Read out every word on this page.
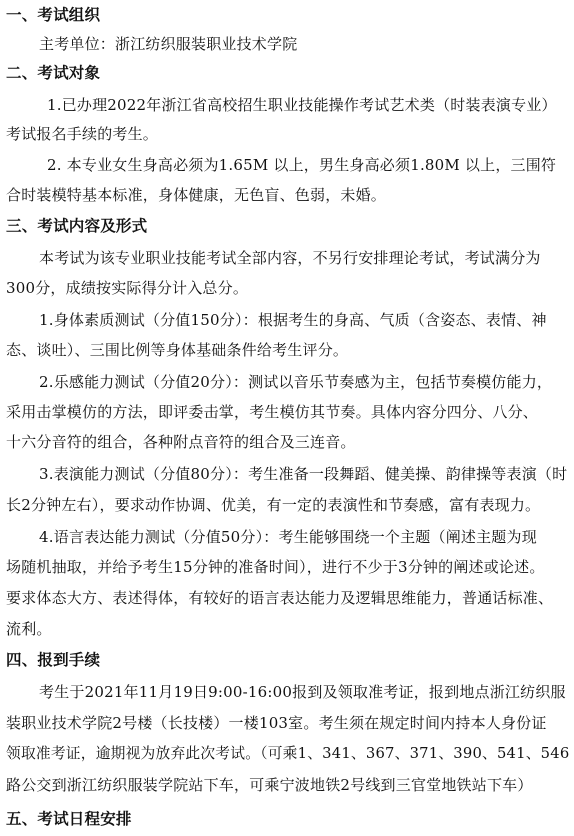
一、考试组织
主考单位：浙江纺织服装职业技术学院
二、考试对象
1.已办理2022年浙江省高校招生职业技能操作考试艺术类（时装表演专业）
考试报名手续的考生。
2. 本专业女生身高必须为1.65M 以上，男生身高必须1.80M 以上，三围符
合时装模特基本标准，身体健康，无色盲、色弱，未婚。
三、考试内容及形式
本考试为该专业职业技能考试全部内容，不另行安排理论考试，考试满分为
300分，成绩按实际得分计入总分。
1.身体素质测试（分值150分）：根据考生的身高、气质（含姿态、表情、神
态、谈吐）、三围比例等身体基础条件给考生评分。
2.乐感能力测试（分值20分）：测试以音乐节奏感为主，包括节奏模仿能力，
采用击掌模仿的方法，即评委击掌，考生模仿其节奏。具体内容分四分、八分、
十六分音符的组合，各种附点音符的组合及三连音。
3.表演能力测试（分值80分）：考生准备一段舞蹈、健美操、韵律操等表演（时
长2分钟左右），要求动作协调、优美，有一定的表演性和节奏感，富有表现力。
4.语言表达能力测试（分值50分）：考生能够围绕一个主题（阐述主题为现
场随机抽取，并给予考生15分钟的准备时间），进行不少于3分钟的阐述或论述。
要求体态大方、表述得体，有较好的语言表达能力及逻辑思维能力，普通话标准、
流利。
四、报到手续
考生于2021年11月19日9:00-16:00报到及领取准考证，报到地点浙江纺织服
装职业技术学院2号楼（长技楼）一楼103室。考生须在规定时间内持本人身份证
领取准考证，逾期视为放弃此次考试。（可乘1、341、367、371、390、541、546
路公交到浙江纺织服装学院站下车，可乘宁波地铁2号线到三官堂地铁站下车）
五、考试日程安排
